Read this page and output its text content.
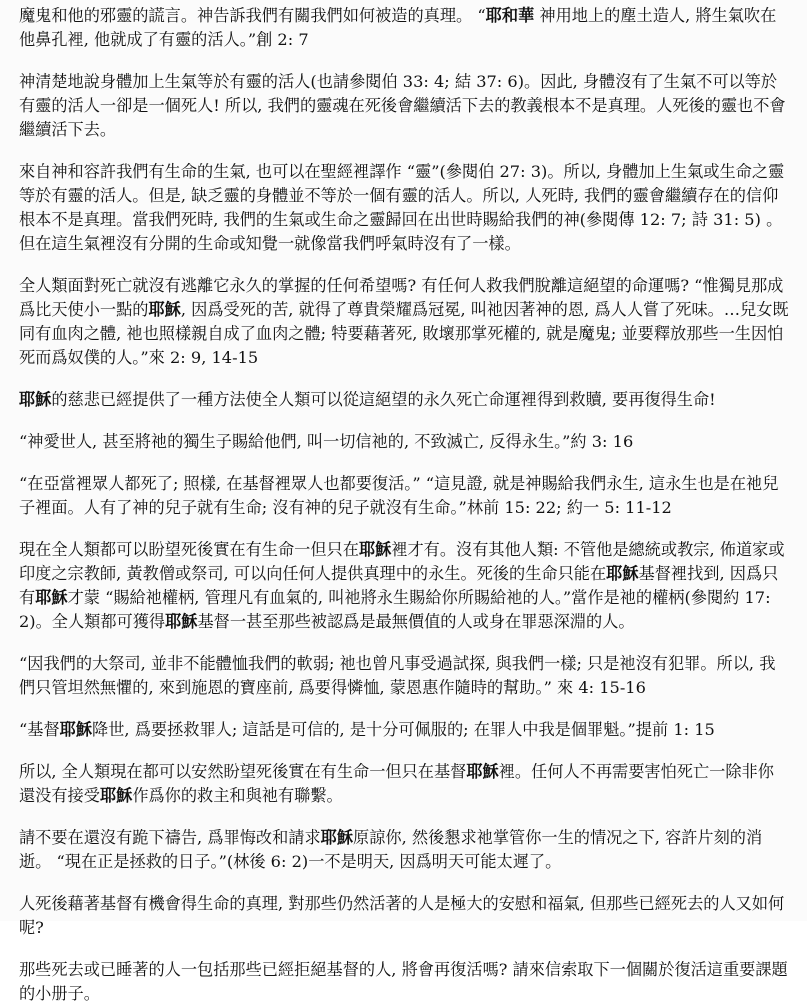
魔鬼和他的邪靈的謊言。神告訴我們有關我們如何被造的真理。 “耶和華 神用地上的塵土造人, 將生氣吹在他鼻孔裡, 他就成了有靈的活人。”創 2: 7

神清楚地說身體加上生氣等於有靈的活人(也請參閱伯 33: 4; 結 37: 6)。因此, 身體沒有了生氣不可以等於有靈的活人一卻是一個死人! 所以, 我們的靈魂在死後會繼續活下去的教義根本不是真理。人死後的靈也不會繼續活下去。

來自神和容許我們有生命的生氣, 也可以在聖經裡譯作 “靈”(參閱伯 27: 3)。所以, 身體加上生氣或生命之靈等於有靈的活人。但是, 缺乏靈的身體並不等於一個有靈的活人。所以, 人死時, 我們的靈會繼續存在的信仰根本不是真理。當我們死時, 我們的生氣或生命之靈歸回在出世時賜給我們的神(參閱傳 12: 7; 詩 31: 5) 。但在這生氣裡沒有分開的生命或知覺一就像當我們呼氣時沒有了一樣。

全人類面對死亡就沒有逃離它永久的掌握的任何希望嗎? 有任何人救我們脫離這絕望的命運嗎? “惟獨見那成爲比天使小一點的耶穌, 因爲受死的苦, 就得了尊貴榮耀爲冠冕, 叫祂因著神的恩, 爲人人嘗了死味。…兒女既同有血肉之體, 祂也照樣親自成了血肉之體; 特要藉著死, 敗壞那掌死權的, 就是魔鬼; 並要釋放那些一生因怕死而爲奴僕的人。”來 2: 9, 14-15

耶穌的慈悲已經提供了一種方法使全人類可以從這絕望的永久死亡命運裡得到救贖, 要再復得生命!

“神愛世人, 甚至將祂的獨生子賜給他們, 叫一切信祂的, 不致滅亡, 反得永生。”約 3: 16

“在亞當裡眾人都死了; 照樣, 在基督裡眾人也都要復活。” “這見證, 就是神賜給我們永生, 這永生也是在祂兒子裡面。人有了神的兒子就有生命; 沒有神的兒子就沒有生命。”林前 15: 22; 約一 5: 11-12

現在全人類都可以盼望死後實在有生命一但只在耶穌裡才有。沒有其他人類: 不管他是總統或教宗, 佈道家或印度之宗教師, 黃教僧或祭司, 可以向任何人提供真理中的永生。死後的生命只能在耶穌基督裡找到, 因爲只有耶穌才蒙 “賜給祂權柄, 管理凡有血氣的, 叫祂將永生賜給你所賜給祂的人。”當作是祂的權柄(參閱約 17: 2)。全人類都可獲得耶穌基督一甚至那些被認爲是最無價值的人或身在罪惡深淵的人。

“因我們的大祭司, 並非不能體恤我們的軟弱; 祂也曾凡事受過試探, 與我們一樣; 只是祂沒有犯罪。所以, 我們只管坦然無懼的, 來到施恩的寶座前, 爲要得憐恤, 蒙恩惠作隨時的幫助。” 來 4: 15-16

“基督耶穌降世, 爲要拯救罪人; 這話是可信的, 是十分可佩服的; 在罪人中我是個罪魁。”提前 1: 15

所以, 全人類現在都可以安然盼望死後實在有生命一但只在基督耶穌裡。任何人不再需要害怕死亡一除非你還没有接受耶穌作爲你的救主和與祂有聯繫。

請不要在還沒有跪下禱告, 爲罪悔改和請求耶穌原諒你, 然後懇求祂掌管你一生的情况之下, 容許片刻的消逝。 “現在正是拯救的日子。”(林後 6: 2)一不是明天, 因爲明天可能太遲了。

人死後藉著基督有機會得生命的真理, 對那些仍然活著的人是極大的安慰和福氣, 但那些已經死去的人又如何呢?

那些死去或已睡著的人一包括那些已經拒絕基督的人, 將會再復活嗎? 請來信索取下一個關於復活這重要課題的小册子。
